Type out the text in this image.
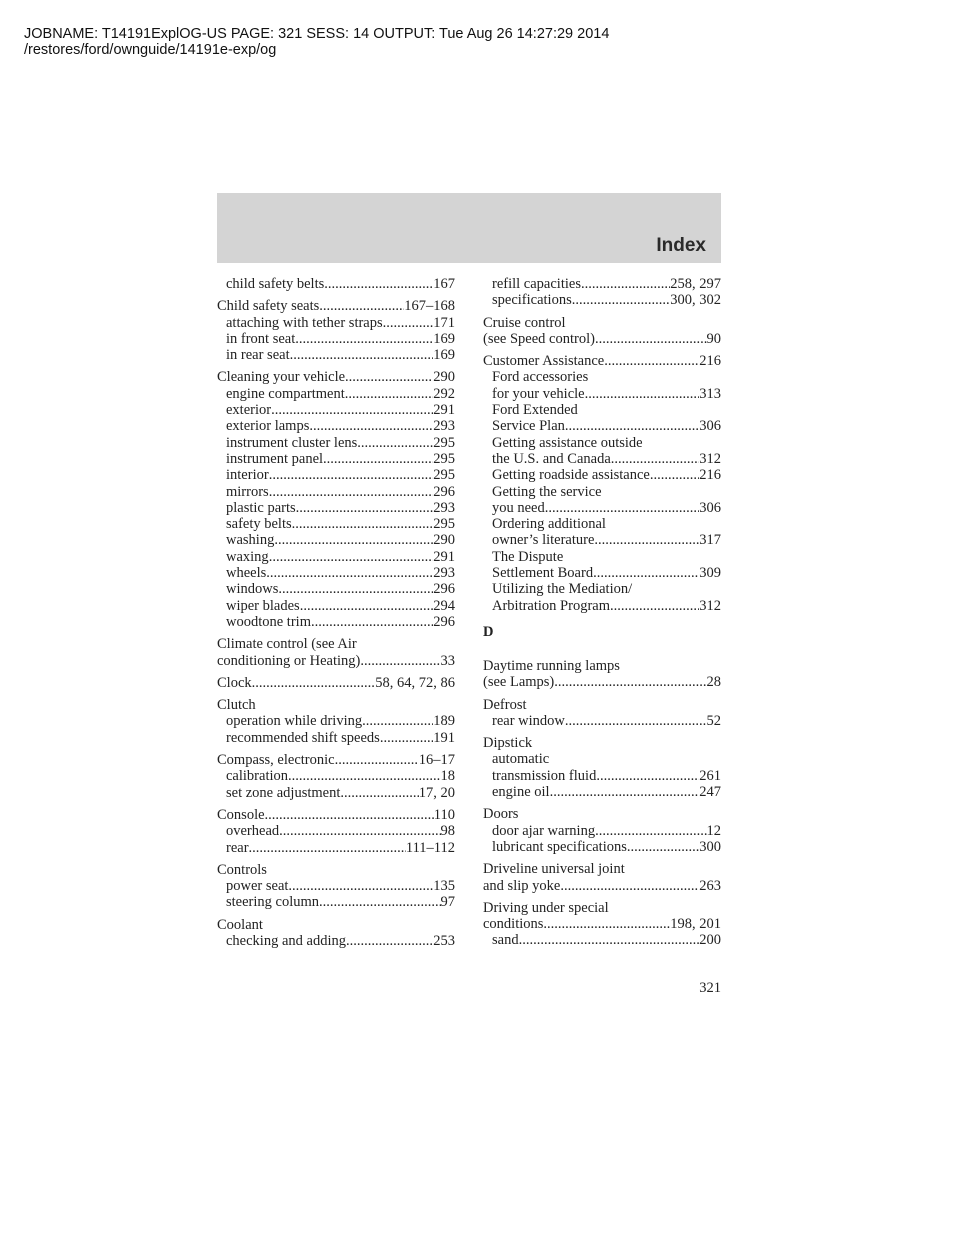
JOBNAME: T14191ExplOG-US PAGE: 321 SESS: 14 OUTPUT: Tue Aug 26 14:27:29 2014
/restores/ford/ownguide/14191e-exp/og
Index
child safety belts .....	167
Child safety seats .....	167–168
attaching with tether straps .....	171
in front seat .....	169
in rear seat .....	169
Cleaning your vehicle .....	290
engine compartment .....	292
exterior .....	291
exterior lamps .....	293
instrument cluster lens .....	295
instrument panel .....	295
interior .....	295
mirrors .....	296
plastic parts .....	293
safety belts .....	295
washing .....	290
waxing .....	291
wheels .....	293
windows .....	296
wiper blades .....	294
woodtone trim .....	296
Climate control (see Air
conditioning or Heating) .....	33
Clock .....	58, 64, 72, 86
Clutch
operation while driving .....	189
recommended shift speeds .....	191
Compass, electronic .....	16–17
calibration .....	18
set zone adjustment .....	17, 20
Console .....	110
overhead .....	98
rear .....	111–112
Controls
power seat .....	135
steering column .....	97
Coolant
checking and adding .....	253
refill capacities .....	258, 297
specifications .....	300, 302
Cruise control
(see Speed control) .....	90
Customer Assistance .....	216
Ford accessories
for your vehicle .....	313
Ford Extended
Service Plan .....	306
Getting assistance outside
the U.S. and Canada .....	312
Getting roadside assistance .....	216
Getting the service
you need .....	306
Ordering additional
owner’s literature .....	317
The Dispute
Settlement Board .....	309
Utilizing the Mediation/
Arbitration Program .....	312
D
Daytime running lamps
(see Lamps) .....	28
Defrost
rear window .....	52
Dipstick
automatic
transmission fluid .....	261
engine oil .....	247
Doors
door ajar warning .....	12
lubricant specifications .....	300
Driveline universal joint
and slip yoke .....	263
Driving under special
conditions .....	198, 201
sand .....	200
321
